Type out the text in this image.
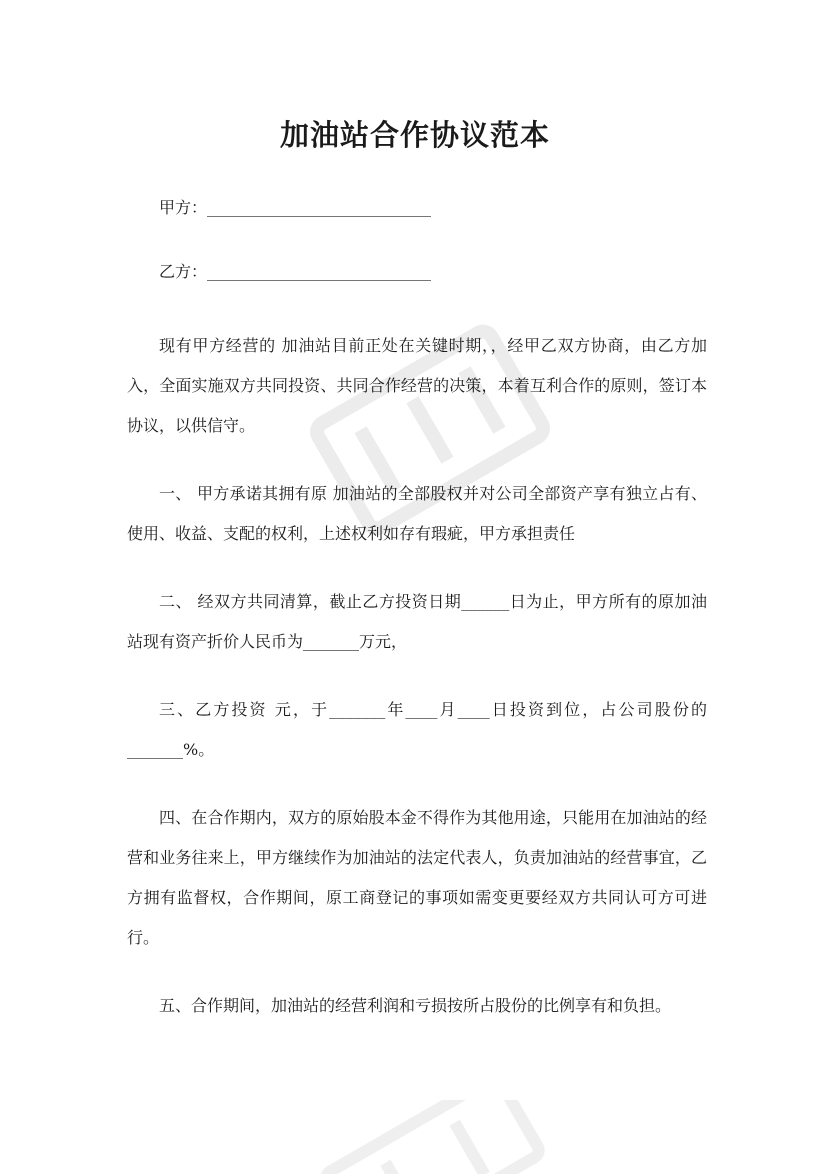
加油站合作协议范本

甲方：____________________________

乙方：____________________________

现有甲方经营的 加油站目前正处在关键时期，，经甲乙双方协商，由乙方加入，全面实施双方共同投资、共同合作经营的决策，本着互利合作的原则，签订本协议，以供信守。

一、 甲方承诺其拥有原 加油站的全部股权并对公司全部资产享有独立占有、使用、收益、支配的权利，上述权利如存有瑕疵，甲方承担责任

二、 经双方共同清算，截止乙方投资日期______日为止，甲方所有的原加油站现有资产折价人民币为_______万元，

三、乙方投资 元，于_______年____月____日投资到位，占公司股份的_______%。

四、在合作期内，双方的原始股本金不得作为其他用途，只能用在加油站的经营和业务往来上，甲方继续作为加油站的法定代表人，负责加油站的经营事宜，乙方拥有监督权，合作期间，原工商登记的事项如需变更要经双方共同认可方可进行。

五、合作期间，加油站的经营利润和亏损按所占股份的比例享有和负担。
